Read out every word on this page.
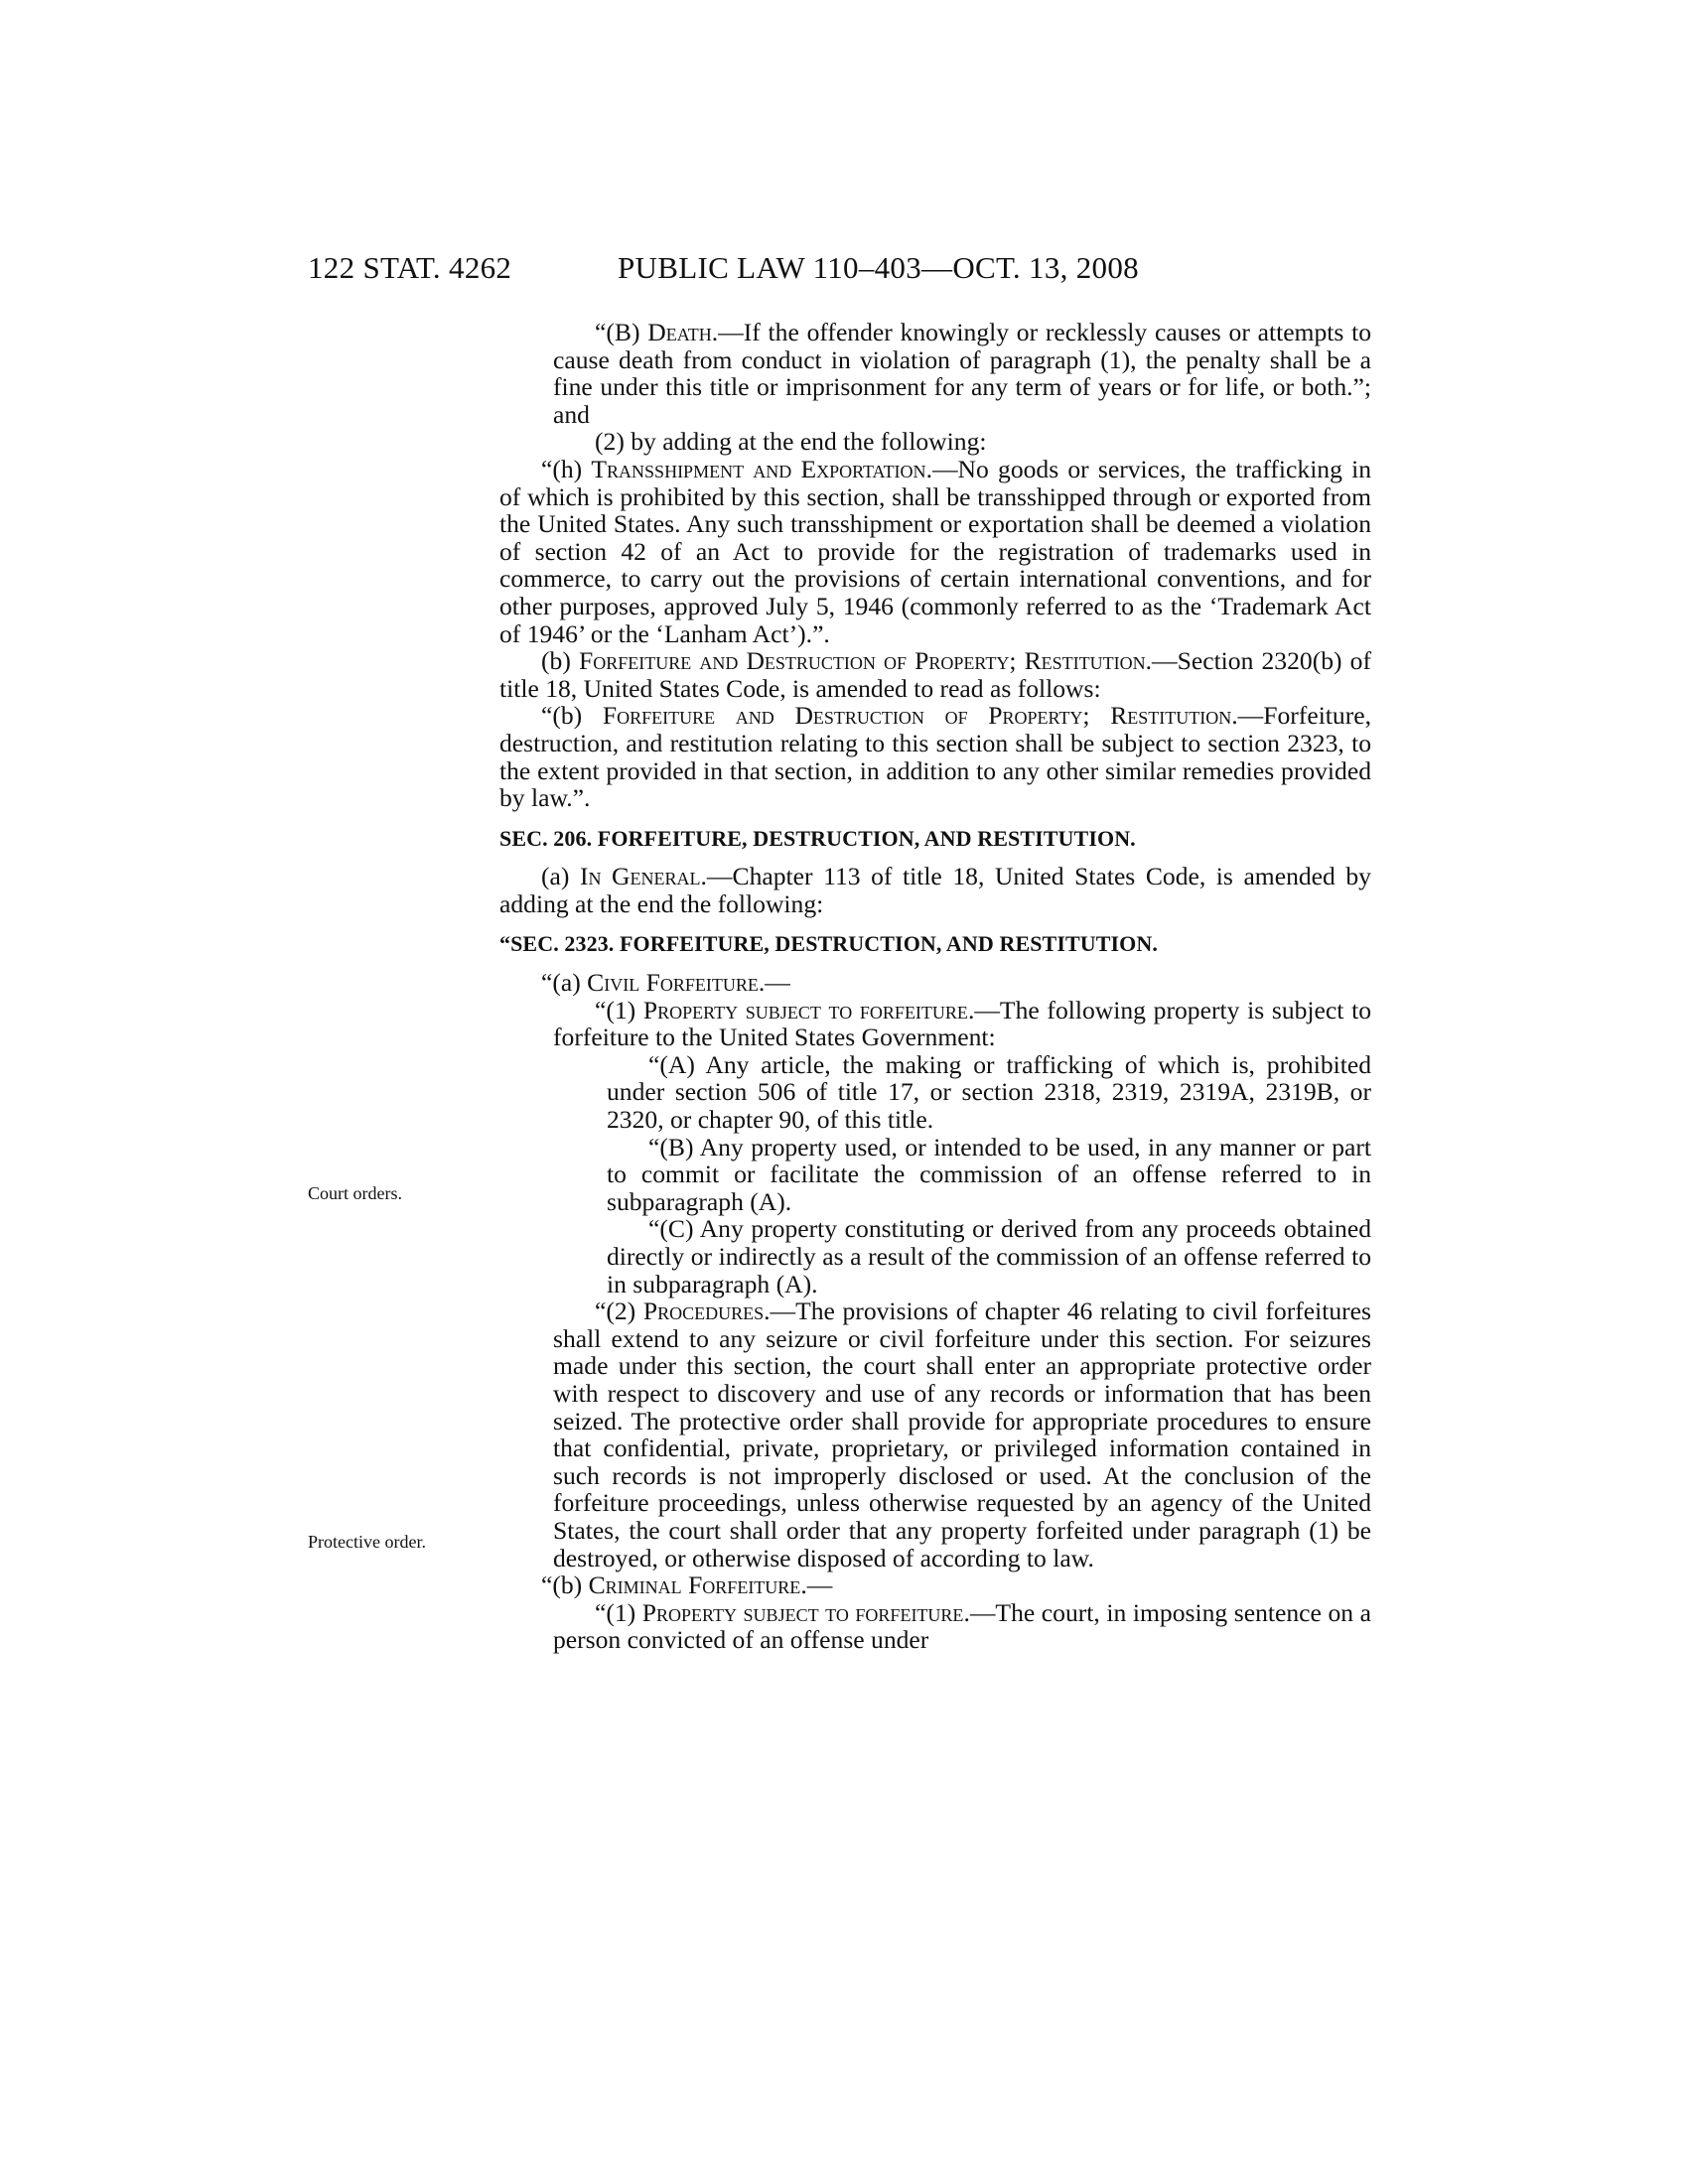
122 STAT. 4262	PUBLIC LAW 110–403—OCT. 13, 2008
Court orders.
Protective order.

“(B) Death.—If the offender knowingly or recklessly causes or attempts to cause death from conduct in violation of paragraph (1), the penalty shall be a fine under this title or imprisonment for any term of years or for life, or both.”; and

(2) by adding at the end the following:

“(h) Transshipment and Exportation.—No goods or services, the trafficking in of which is prohibited by this section, shall be transshipped through or exported from the United States. Any such transshipment or exportation shall be deemed a violation of section 42 of an Act to provide for the registration of trademarks used in commerce, to carry out the provisions of certain international conventions, and for other purposes, approved July 5, 1946 (commonly referred to as the ‘Trademark Act of 1946’ or the ‘Lanham Act’).”.

(b) Forfeiture and Destruction of Property; Restitution.—Section 2320(b) of title 18, United States Code, is amended to read as follows:

“(b) Forfeiture and Destruction of Property; Restitution.—Forfeiture, destruction, and restitution relating to this section shall be subject to section 2323, to the extent provided in that section, in addition to any other similar remedies provided by law.”.

SEC. 206. FORFEITURE, DESTRUCTION, AND RESTITUTION.

(a) In General.—Chapter 113 of title 18, United States Code, is amended by adding at the end the following:

“SEC. 2323. FORFEITURE, DESTRUCTION, AND RESTITUTION.

“(a) Civil Forfeiture.—

“(1) Property subject to forfeiture.—The following property is subject to forfeiture to the United States Government:

“(A) Any article, the making or trafficking of which is, prohibited under section 506 of title 17, or section 2318, 2319, 2319A, 2319B, or 2320, or chapter 90, of this title.

“(B) Any property used, or intended to be used, in any manner or part to commit or facilitate the commission of an offense referred to in subparagraph (A).

“(C) Any property constituting or derived from any proceeds obtained directly or indirectly as a result of the commission of an offense referred to in subparagraph (A).

“(2) Procedures.—The provisions of chapter 46 relating to civil forfeitures shall extend to any seizure or civil forfeiture under this section. For seizures made under this section, the court shall enter an appropriate protective order with respect to discovery and use of any records or information that has been seized. The protective order shall provide for appropriate procedures to ensure that confidential, private, proprietary, or privileged information contained in such records is not improperly disclosed or used. At the conclusion of the forfeiture proceedings, unless otherwise requested by an agency of the United States, the court shall order that any property forfeited under paragraph (1) be destroyed, or otherwise disposed of according to law.

“(b) Criminal Forfeiture.—

“(1) Property subject to forfeiture.—The court, in imposing sentence on a person convicted of an offense under
